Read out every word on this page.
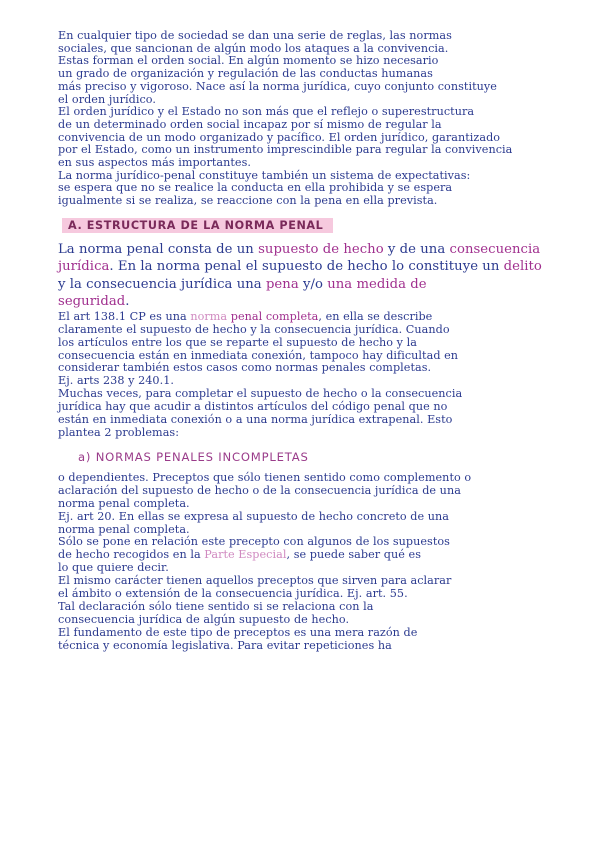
En cualquier tipo de sociedad se dan una serie de reglas, las normas
sociales, que sancionan de algún modo los ataques a la convivencia.
Estas forman el orden social. En algún momento se hizo necesario
un grado de organización y regulación de las conductas humanas
más preciso y vigoroso. Nace así la norma jurídica, cuyo conjunto constituye
el orden jurídico.
El orden jurídico y el Estado no son más que el reflejo o superestructura
de un determinado orden social incapaz por sí mismo de regular la
convivencia de un modo organizado y pacífico. El orden jurídico, garantizado
por el Estado, como un instrumento imprescindible para regular la convivencia
en sus aspectos más importantes.
La norma jurídico-penal constituye también un sistema de expectativas:
se espera que no se realice la conducta en ella prohibida y se espera
igualmente si se realiza, se reaccione con la pena en ella prevista.
A. ESTRUCTURA DE LA NORMA PENAL
La norma penal consta de un supuesto de hecho y de una consecuencia
jurídica. En la norma penal el supuesto de hecho lo constituye un delito
y la consecuencia jurídica una pena y/o una medida de
seguridad.
El art 138.1 CP es una norma penal completa, en ella se describe
claramente el supuesto de hecho y la consecuencia jurídica. Cuando
los artículos entre los que se reparte el supuesto de hecho y la
consecuencia están en inmediata conexión, tampoco hay dificultad en
considerar también estos casos como normas penales completas.
Ej. arts 238 y 240.1.
Muchas veces, para completar el supuesto de hecho o la consecuencia
jurídica hay que acudir a distintos artículos del código penal que no
están en inmediata conexión o a una norma jurídica extrapenal. Esto
plantea 2 problemas:
a) NORMAS PENALES INCOMPLETAS
o dependientes. Preceptos que sólo tienen sentido como complemento o
aclaración del supuesto de hecho o de la consecuencia jurídica de una
norma penal completa.
Ej. art 20. En ellas se expresa al supuesto de hecho concreto de una
norma penal completa.
Sólo se pone en relación este precepto con algunos de los supuestos
de hecho recogidos en la Parte Especial, se puede saber qué es
lo que quiere decir.
El mismo carácter tienen aquellos preceptos que sirven para aclarar
el ámbito o extensión de la consecuencia jurídica. Ej. art. 55.
Tal declaración sólo tiene sentido si se relaciona con la
consecuencia jurídica de algún supuesto de hecho.
El fundamento de este tipo de preceptos es una mera razón de
técnica y economía legislativa. Para evitar repeticiones ha
